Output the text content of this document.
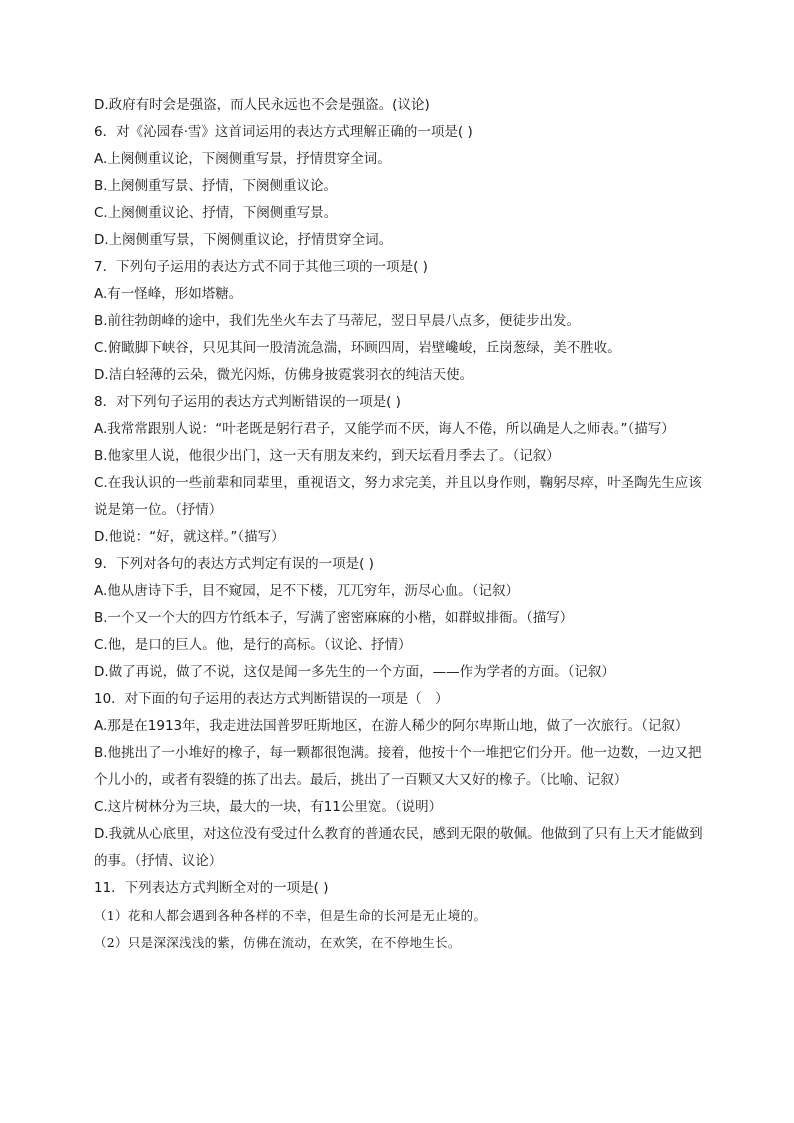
D.政府有时会是强盗，而人民永远也不会是强盗。(议论)
6．对《沁园春·雪》这首词运用的表达方式理解正确的一项是( )
A.上阕侧重议论，下阕侧重写景，抒情贯穿全词。
B.上阕侧重写景、抒情，下阕侧重议论。
C.上阕侧重议论、抒情，下阕侧重写景。
D.上阕侧重写景，下阕侧重议论，抒情贯穿全词。
7．下列句子运用的表达方式不同于其他三项的一项是( )
A.有一怪峰，形如塔糖。
B.前往勃朗峰的途中，我们先坐火车去了马蒂尼，翌日早晨八点多，便徒步出发。
C.俯瞰脚下峡谷，只见其间一股清流急湍，环顾四周，岩壁巉峻，丘岗葱绿，美不胜收。
D.洁白轻薄的云朵，微光闪烁，仿佛身披霓裳羽衣的纯洁天使。
8．对下列句子运用的表达方式判断错误的一项是( )
A.我常常跟别人说：“叶老既是躬行君子，又能学而不厌，诲人不倦，所以确是人之师表。”（描写）
B.他家里人说，他很少出门，这一天有朋友来约，到天坛看月季去了。（记叙）
C.在我认识的一些前辈和同辈里，重视语文，努力求完美，并且以身作则，鞠躬尽瘁，叶圣陶先生应该说是第一位。（抒情）
D.他说：“好，就这样。”（描写）
9．下列对各句的表达方式判定有误的一项是( )
A.他从唐诗下手，目不窥园，足不下楼，兀兀穷年，沥尽心血。（记叙）
B.一个又一个大的四方竹纸本子，写满了密密麻麻的小楷，如群蚁排衙。（描写）
C.他，是口的巨人。他，是行的高标。（议论、抒情）
D.做了再说，做了不说，这仅是闻一多先生的一个方面，——作为学者的方面。（记叙）
10．对下面的句子运用的表达方式判断错误的一项是（　）
A.那是在1913年，我走进法国普罗旺斯地区，在游人稀少的阿尔卑斯山地，做了一次旅行。（记叙）
B.他挑出了一小堆好的橡子，每一颗都很饱满。接着，他按十个一堆把它们分开。他一边数，一边又把个儿小的，或者有裂缝的拣了出去。最后，挑出了一百颗又大又好的橡子。（比喻、记叙）
C.这片树林分为三块，最大的一块，有11公里宽。（说明）
D.我就从心底里，对这位没有受过什么教育的普通农民，感到无限的敬佩。他做到了只有上天才能做到的事。（抒情、议论）
11．下列表达方式判断全对的一项是( )
（1）花和人都会遇到各种各样的不幸，但是生命的长河是无止境的。
（2）只是深深浅浅的紫，仿佛在流动，在欢笑，在不停地生长。
